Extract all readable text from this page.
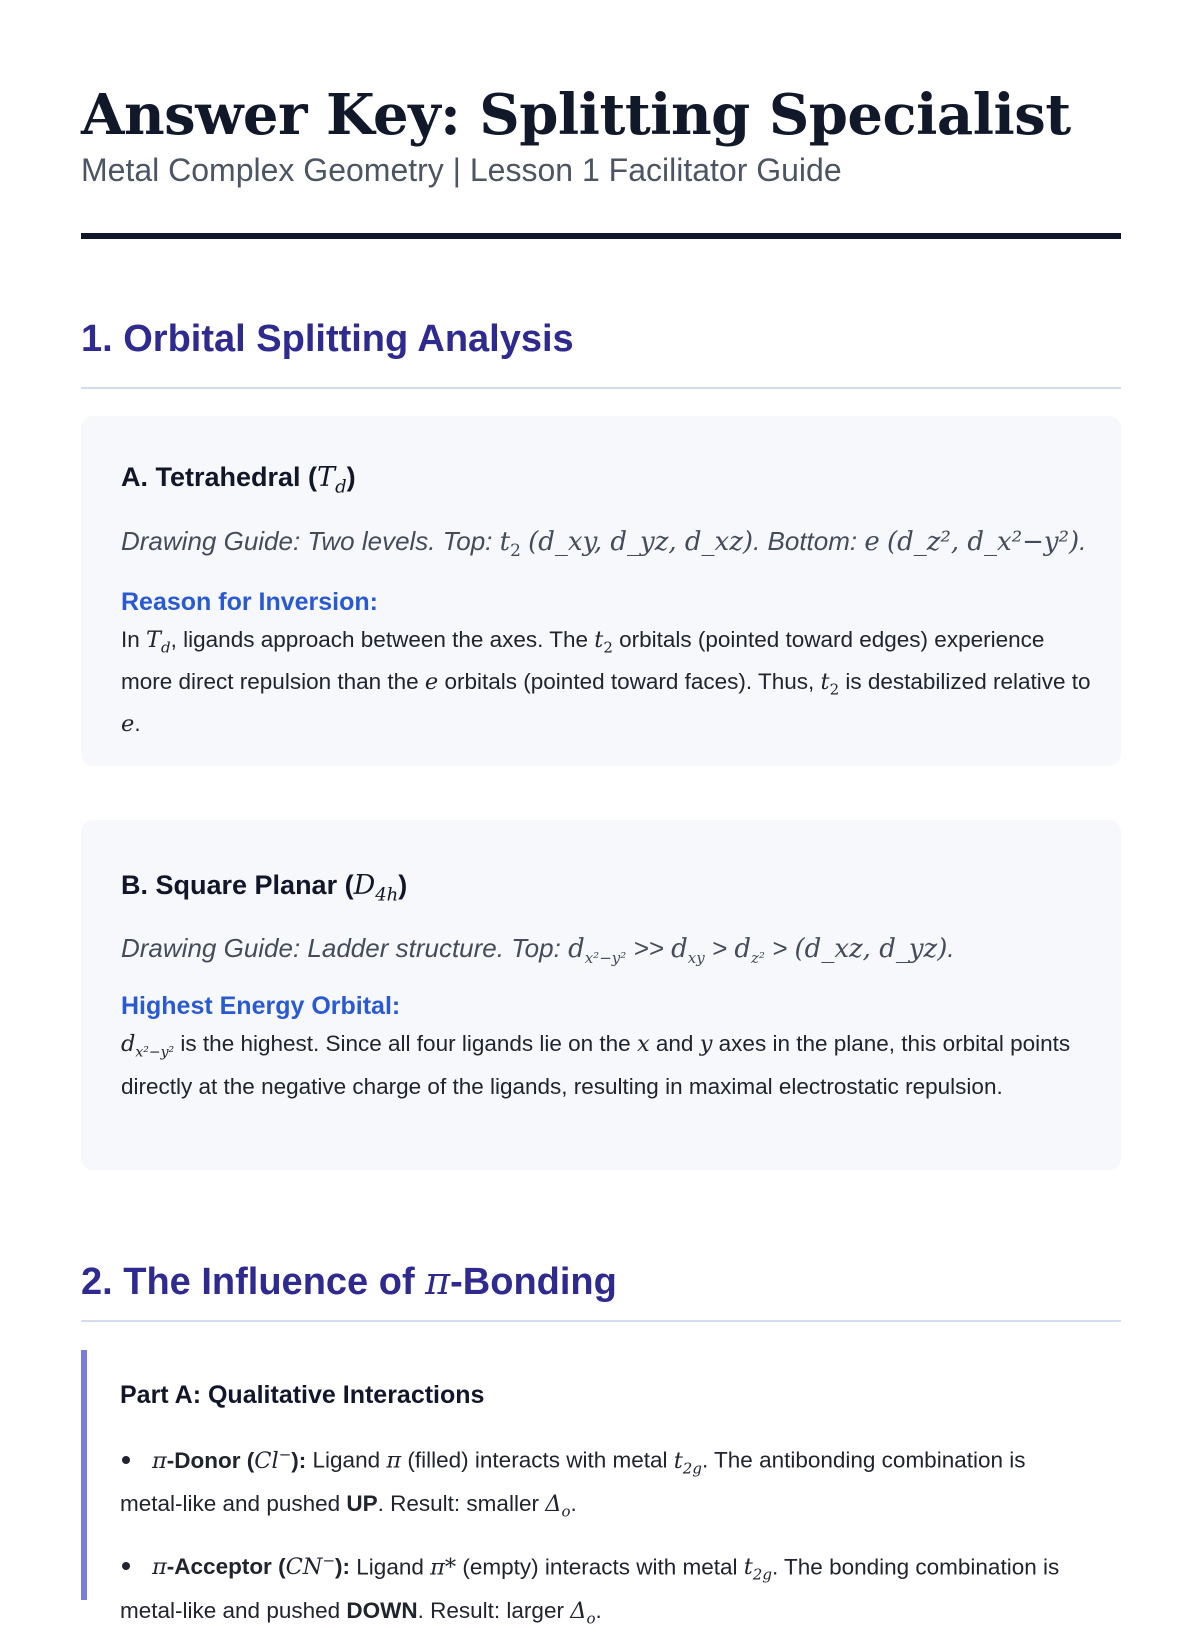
Answer Key: Splitting Specialist
Metal Complex Geometry | Lesson 1 Facilitator Guide
1. Orbital Splitting Analysis
A. Tetrahedral $(T_d)$
Drawing Guide: Two levels. Top: $t_2$ (d_xy, d_yz, d_xz). Bottom: e (d_z², d_x²−y²).
Reason for Inversion:
In $T_d$, ligands approach between the axes. The $t_2$ orbitals (pointed toward edges) experience more direct repulsion than the e orbitals (pointed toward faces). Thus, $t_2$ is destabilized relative to e.
B. Square Planar $(D_{4h})$
Drawing Guide: Ladder structure. Top: $d_{x^2-y^2} >> d_{xy} > d_{z^2}$ > (d_xz, d_yz).
Highest Energy Orbital:
$d_{x^2-y^2}$ is the highest. Since all four ligands lie on the x and y axes in the plane, this orbital points directly at the negative charge of the ligands, resulting in maximal electrostatic repulsion.
2. The Influence of π-Bonding
Part A: Qualitative Interactions
π-Donor (Cl−): Ligand π (filled) interacts with metal $t_{2g}$. The antibonding combination is metal-like and pushed UP. Result: smaller $\Delta_o$.
π-Acceptor (CN−): Ligand π* (empty) interacts with metal $t_{2g}$. The bonding combination is metal-like and pushed DOWN. Result: larger $\Delta_o$.
